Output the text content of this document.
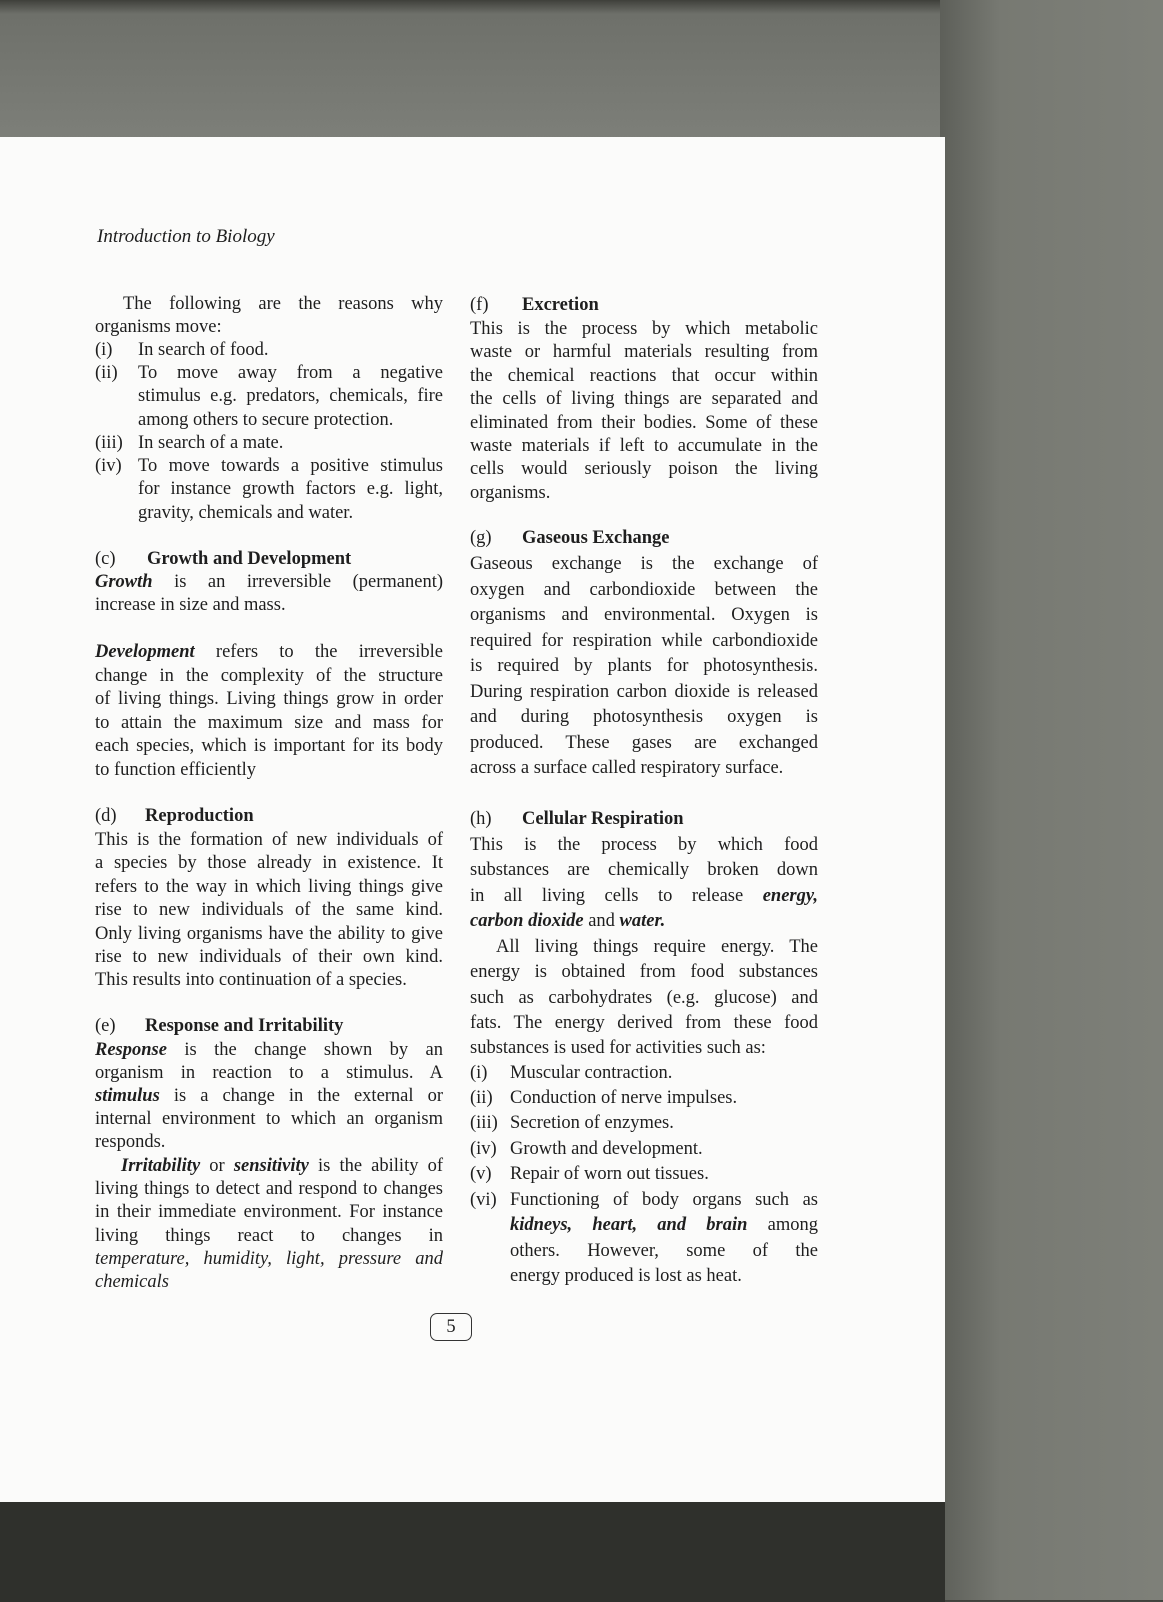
Introduction to Biology
The following are the reasons why
organisms move:
(i)	In search of food.
(ii)	To move away from a negative
stimulus e.g. predators, chemicals, fire
among others to secure protection.
(iii) In search of a mate.
(iv) To move towards a positive stimulus
for instance growth factors e.g. light,
gravity, chemicals and water.
(c)	Growth and Development
Growth is an irreversible (permanent)
increase in size and mass.
Development refers to the irreversible
change in the complexity of the structure
of living things. Living things grow in order
to attain the maximum size and mass for
each species, which is important for its body
to function efficiently
(d)	Reproduction
This is the formation of new individuals of
a species by those already in existence. It
refers to the way in which living things give
rise to new individuals of the same kind.
Only living organisms have the ability to give
rise to new individuals of their own kind.
This results into continuation of a species.
(e)	Response and Irritability
Response is the change shown by an
organism in reaction to a stimulus. A
stimulus is a change in the external or
internal environment to which an organism
responds.
Irritability or sensitivity is the ability of
living things to detect and respond to changes
in their immediate environment. For instance
living things react to changes in
temperature, humidity, light, pressure and
chemicals
(f)	Excretion
This is the process by which metabolic
waste or harmful materials resulting from
the chemical reactions that occur within
the cells of living things are separated and
eliminated from their bodies. Some of these
waste materials if left to accumulate in the
cells would seriously poison the living
organisms.
(g)	Gaseous Exchange
Gaseous exchange is the exchange of
oxygen and carbondioxide between the
organisms and environmental. Oxygen is
required for respiration while carbondioxide
is required by plants for photosynthesis.
During respiration carbon dioxide is released
and during photosynthesis oxygen is
produced. These gases are exchanged
across a surface called respiratory surface.
(h)	Cellular Respiration
This is the process by which food
substances are chemically broken down
in all living cells to release energy,
carbon dioxide and water.
All living things require energy. The
energy is obtained from food substances
such as carbohydrates (e.g. glucose) and
fats. The energy derived from these food
substances is used for activities such as:
(i)	Muscular contraction.
(ii) Conduction of nerve impulses.
(iii) Secretion of enzymes.
(iv) Growth and development.
(v) Repair of worn out tissues.
(vi) Functioning of body organs such as
kidneys, heart, and brain among
others. However, some of the
energy produced is lost as heat.
5
